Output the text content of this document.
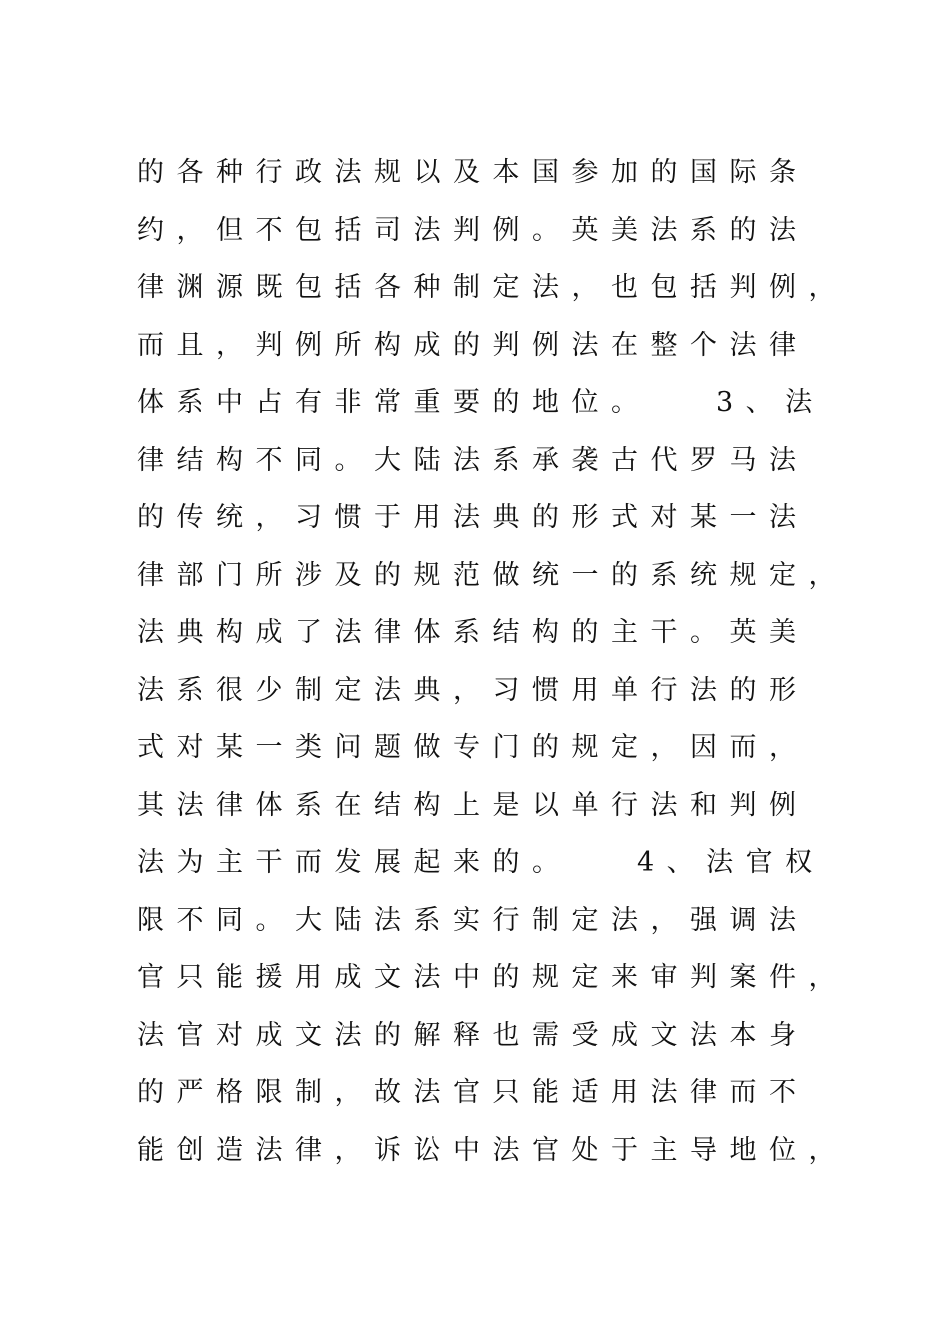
的各种行政法规以及本国参加的国际条
约，但不包括司法判例。英美法系的法
律渊源既包括各种制定法，也包括判例，
而且，判例所构成的判例法在整个法律
体系中占有非常重要的地位。　　3、法
律结构不同。大陆法系承袭古代罗马法
的传统，习惯于用法典的形式对某一法
律部门所涉及的规范做统一的系统规定，
法典构成了法律体系结构的主干。英美
法系很少制定法典，习惯用单行法的形
式对某一类问题做专门的规定，因而，
其法律体系在结构上是以单行法和判例
法为主干而发展起来的。　　4、法官权
限不同。大陆法系实行制定法，强调法
官只能援用成文法中的规定来审判案件，
法官对成文法的解释也需受成文法本身
的严格限制，故法官只能适用法律而不
能创造法律，诉讼中法官处于主导地位，
